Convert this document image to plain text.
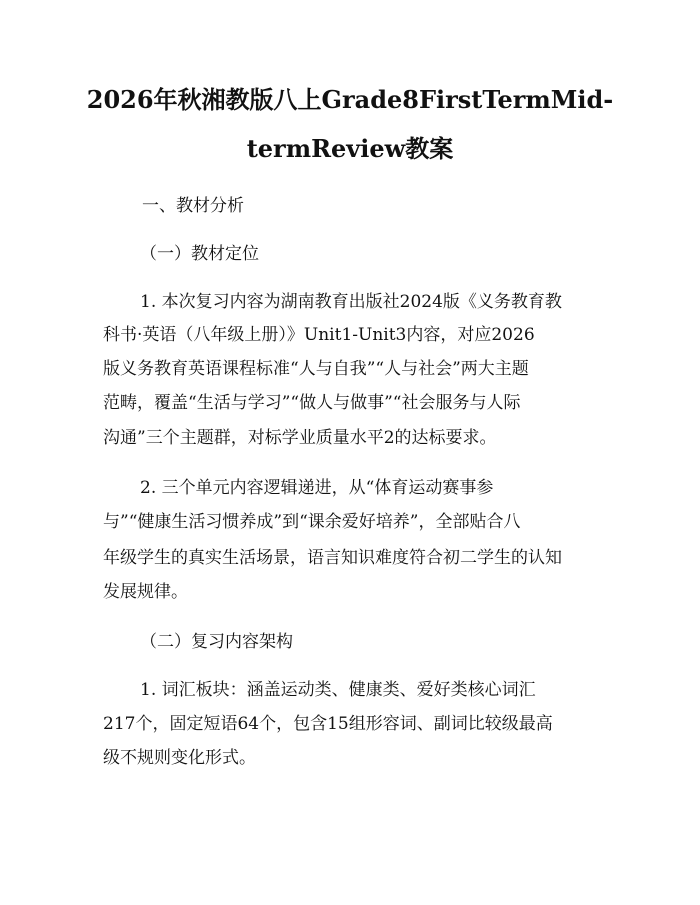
2026年秋湘教版八上Grade8FirstTermMid-
termReview教案
一、教材分析
（一）教材定位
1. 本次复习内容为湖南教育出版社2024版《义务教育教
科书·英语（八年级上册）》Unit1-Unit3内容，对应2026
版义务教育英语课程标准“人与自我”“人与社会”两大主题
范畴，覆盖“生活与学习”“做人与做事”“社会服务与人际
沟通”三个主题群，对标学业质量水平2的达标要求。
2. 三个单元内容逻辑递进，从“体育运动赛事参
与”“健康生活习惯养成”到“课余爱好培养”，全部贴合八
年级学生的真实生活场景，语言知识难度符合初二学生的认知
发展规律。
（二）复习内容架构
1. 词汇板块：涵盖运动类、健康类、爱好类核心词汇
217个，固定短语64个，包含15组形容词、副词比较级最高
级不规则变化形式。
